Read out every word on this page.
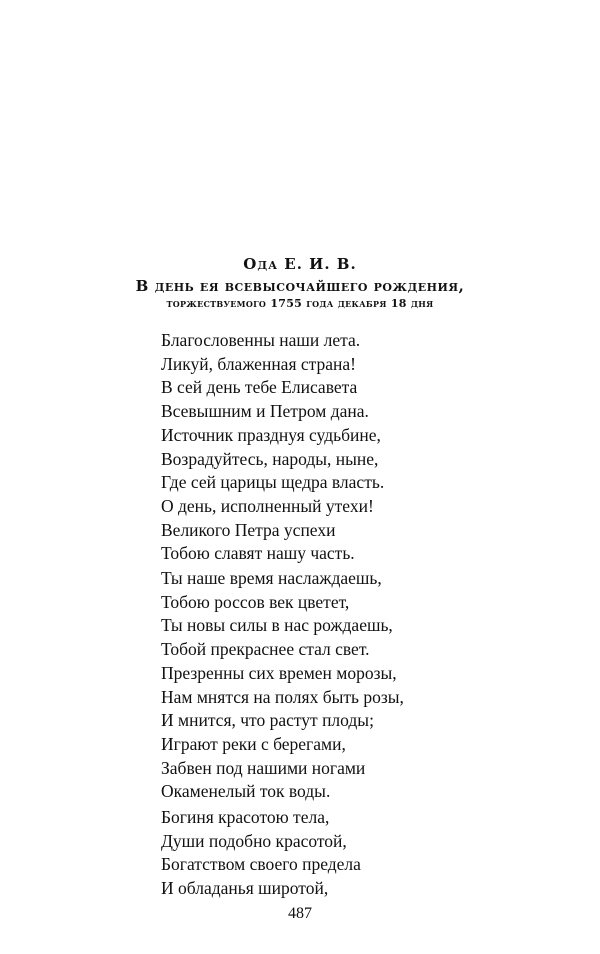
Ода Е. И. В.
В день ея всевысочайшего рождения,
торжествуемого 1755 года декабря 18 дня
Благословенны наши лета.
Ликуй, блаженная страна!
В сей день тебе Елисавета
Всевышним и Петром дана.
Источник празднуя судьбине,
Возрадуйтесь, народы, ныне,
Где сей царицы щедра власть.
О день, исполненный утехи!
Великого Петра успехи
Тобою славят нашу часть.
Ты наше время наслаждаешь,
Тобою россов век цветет,
Ты новы силы в нас рождаешь,
Тобой прекраснее стал свет.
Презренны сих времен морозы,
Нам мнятся на полях быть розы,
И мнится, что растут плоды;
Играют реки с берегами,
Забвен под нашими ногами
Окаменелый ток воды.
Богиня красотою тела,
Души подобно красотой,
Богатством своего предела
И обладанья широтой,
487
